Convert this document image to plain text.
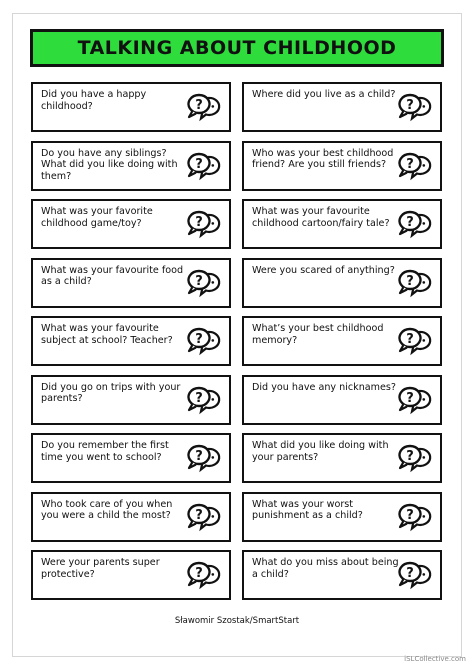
TALKING ABOUT CHILDHOOD
Did you have a happy childhood?	?
Where did you live as a child?
?
Do you have any siblings? What did you like doing with them?
?
Who was your best childhood friend? Are you still friends?	?
What was your favorite childhood game/toy?	?
What was your favourite childhood cartoon/fairy tale?	?
What was your favourite food as a child?	?
Were you scared of anything?
?
What was your favourite subject at school? Teacher?	?
What’s your best childhood memory?	?
Did you go on trips with your parents?	?
Did you have any nicknames?
?
Do you remember the first time you went to school?	?
What did you like doing with your parents?	?
Who took care of you when you were a child the most?	?
What was your worst punishment as a child?	?
Were your parents super protective?	?
What do you miss about being a child?	?
Sławomir Szostak/SmartStart
iSLCollective.com
